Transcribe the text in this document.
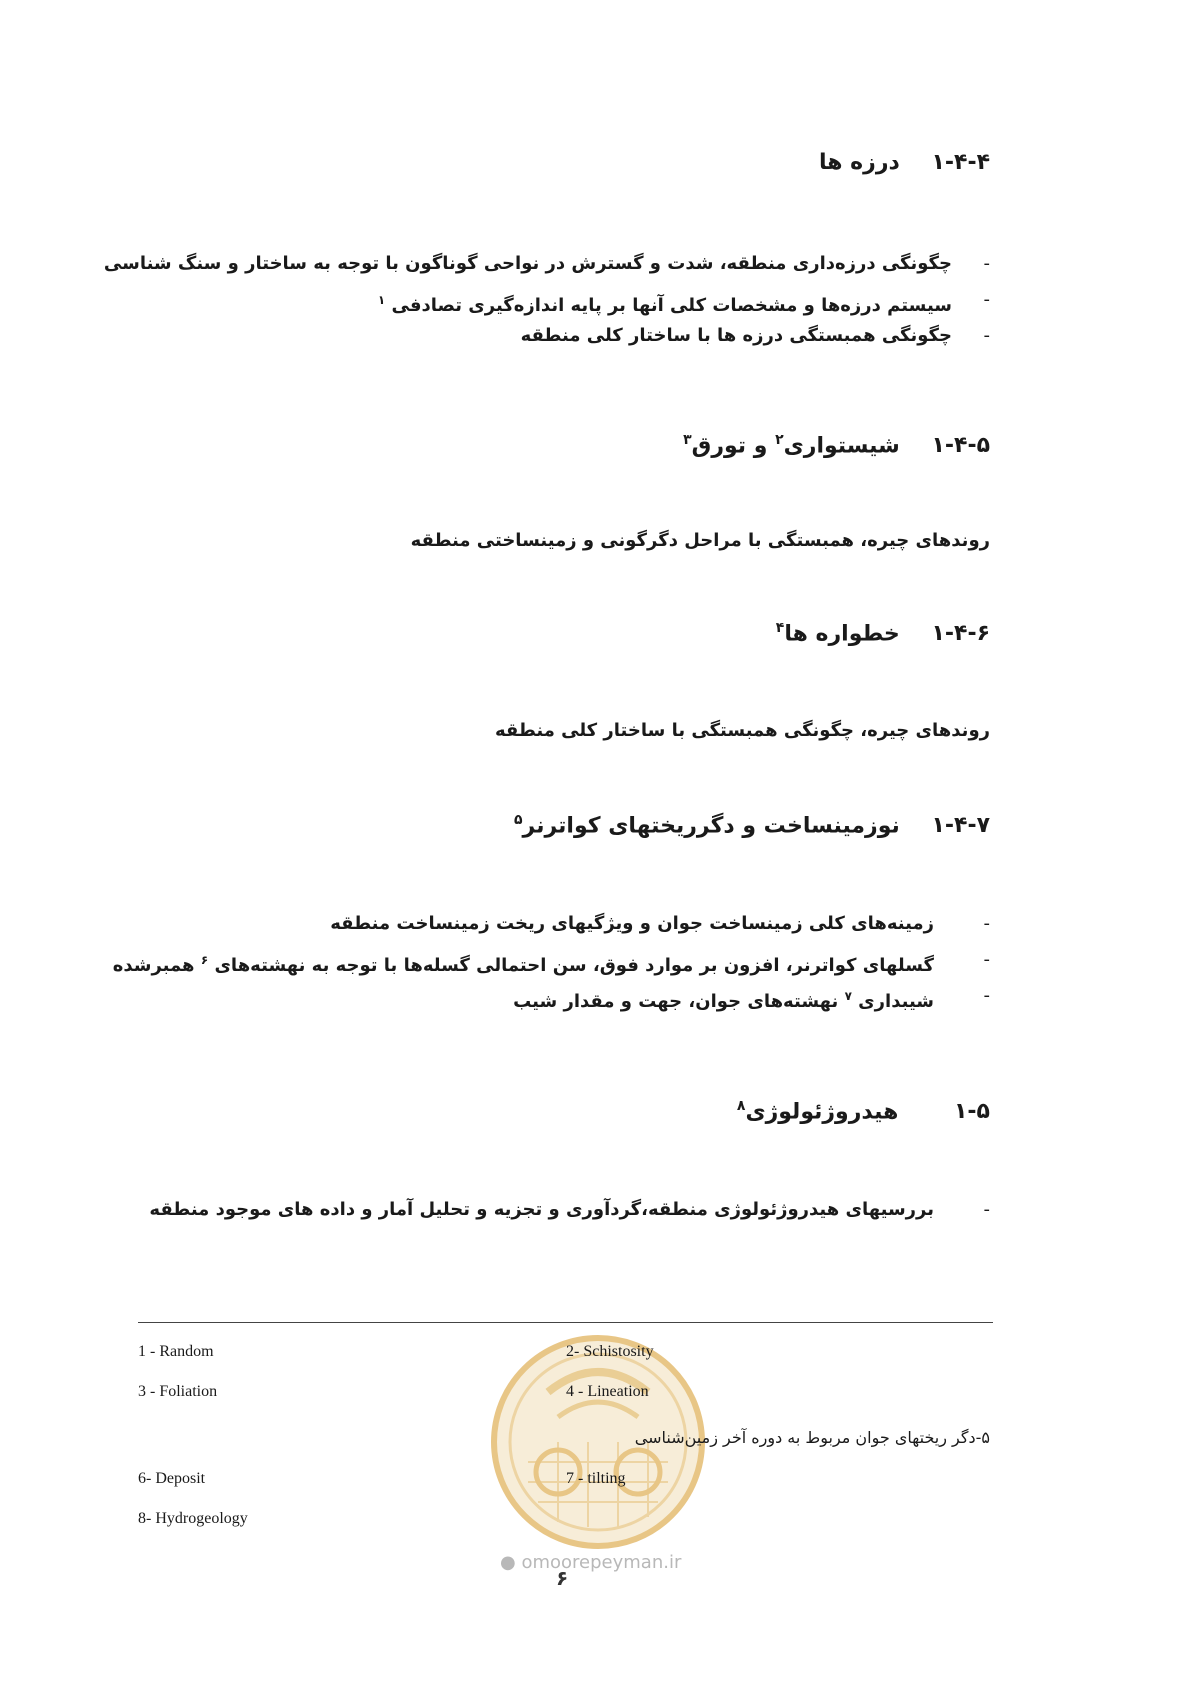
۱-۴-۴ درزه ها
-
چگونگی درزه‌داری منطقه، شدت و گسترش در نواحی گوناگون با توجه به ساختار و سنگ شناسی
-
سیستم درزه‌ها و مشخصات کلی آنها بر پایه اندازه‌گیری تصادفی $^۱$
-
چگونگی همبستگی درزه ها با ساختار کلی منطقه
۱-۴-۵ شیستواری$^۲$ و تورق$^۳$
روندهای چیره، همبستگی با مراحل دگرگونی و زمینساختی منطقه
۱-۴-۶ خطواره ها$^۴$
روندهای چیره، چگونگی همبستگی با ساختار کلی منطقه
۱-۴-۷ نوزمینساخت و دگرریختهای کواترنر$^۵$
-
زمینه‌های کلی زمینساخت جوان و ویژگیهای ریخت زمینساخت منطقه
-
گسلهای کواترنر، افزون بر موارد فوق، سن احتمالی گسله‌ها با توجه به نهشته‌های $^۶$ همبرشده
-
شیبداری $^۷$ نهشته‌های جوان، جهت و مقدار شیب
۱-۵ هیدروژئولوژی$^۸$
-
بررسیهای هیدروژئولوژی منطقه،گردآوری و تجزیه و تحلیل آمار و داده های موجود منطقه
1 - Random	2- Schistosity
3 - Foliation	4 - Lineation
۵-دگر ریختهای جوان مربوط به دوره آخر زمین‌شناسی
6- Deposit	7 - tilting
8- Hydrogeology
● omoorepeyman.ir
۶
